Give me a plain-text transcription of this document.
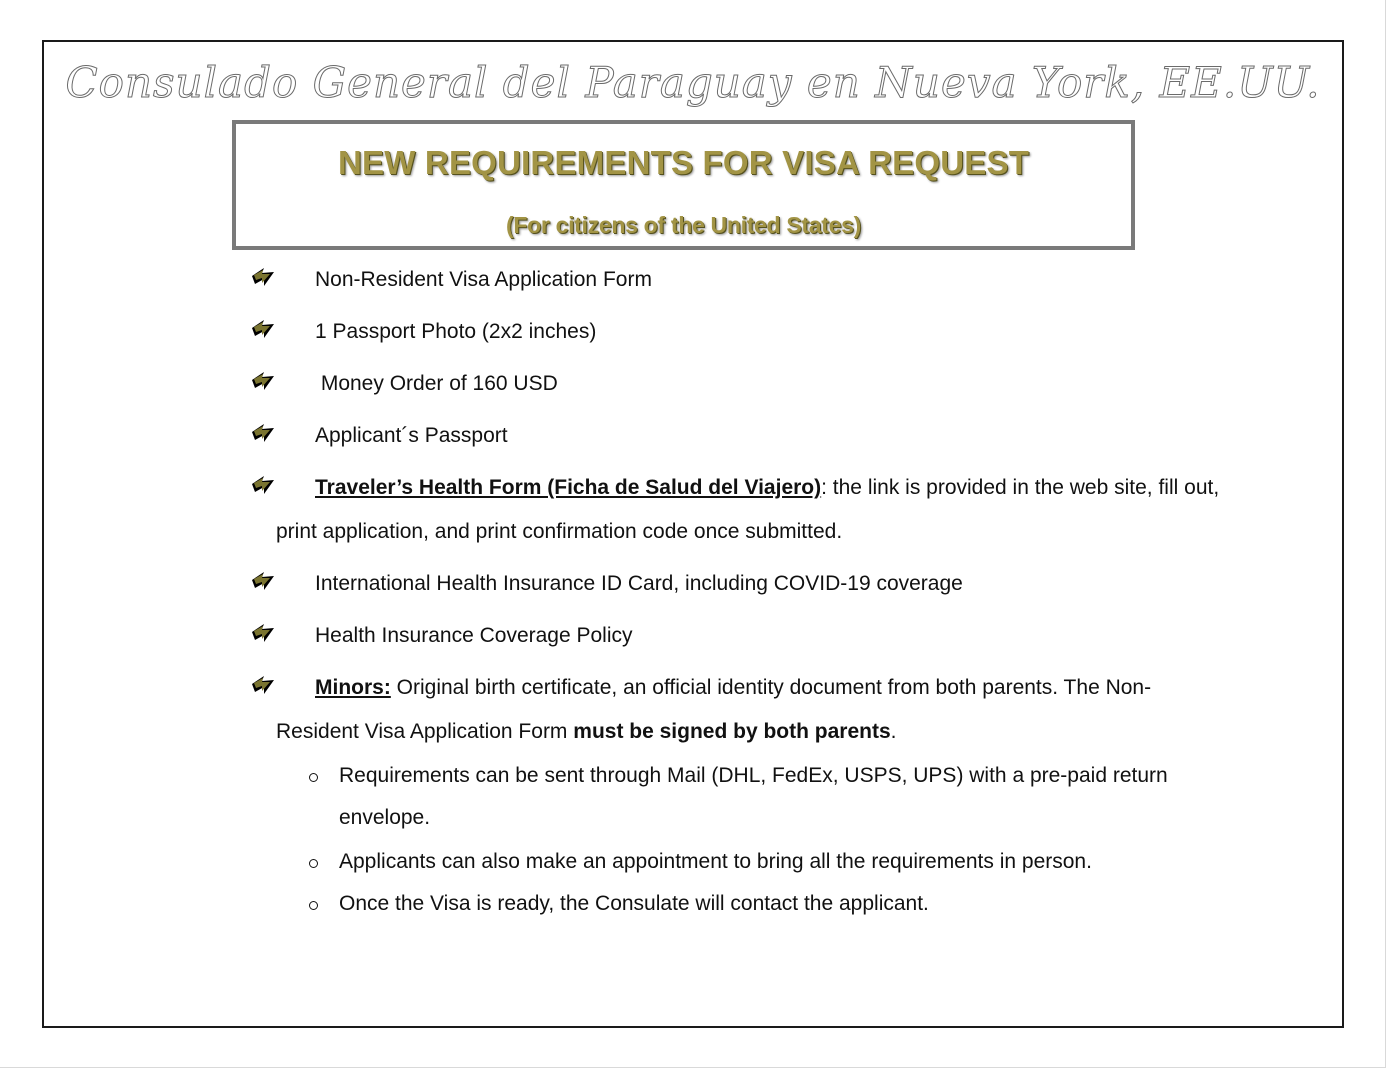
Consulado General del Paraguay en Nueva York, EE.UU.
NEW REQUIREMENTS FOR VISA REQUEST
(For citizens of the United States)
Non-Resident Visa Application Form
1 Passport Photo (2x2 inches)
Money Order of 160 USD
Applicant´s Passport
Traveler’s Health Form (Ficha de Salud del Viajero): the link is provided in the web site, fill out,
print application, and print confirmation code once submitted.
International Health Insurance ID Card, including COVID-19 coverage
Health Insurance Coverage Policy
Minors: Original birth certificate, an official identity document from both parents. The Non-
Resident Visa Application Form must be signed by both parents.
Requirements can be sent through Mail (DHL, FedEx, USPS, UPS) with a pre-paid return
envelope.
Applicants can also make an appointment to bring all the requirements in person.
Once the Visa is ready, the Consulate will contact the applicant.
